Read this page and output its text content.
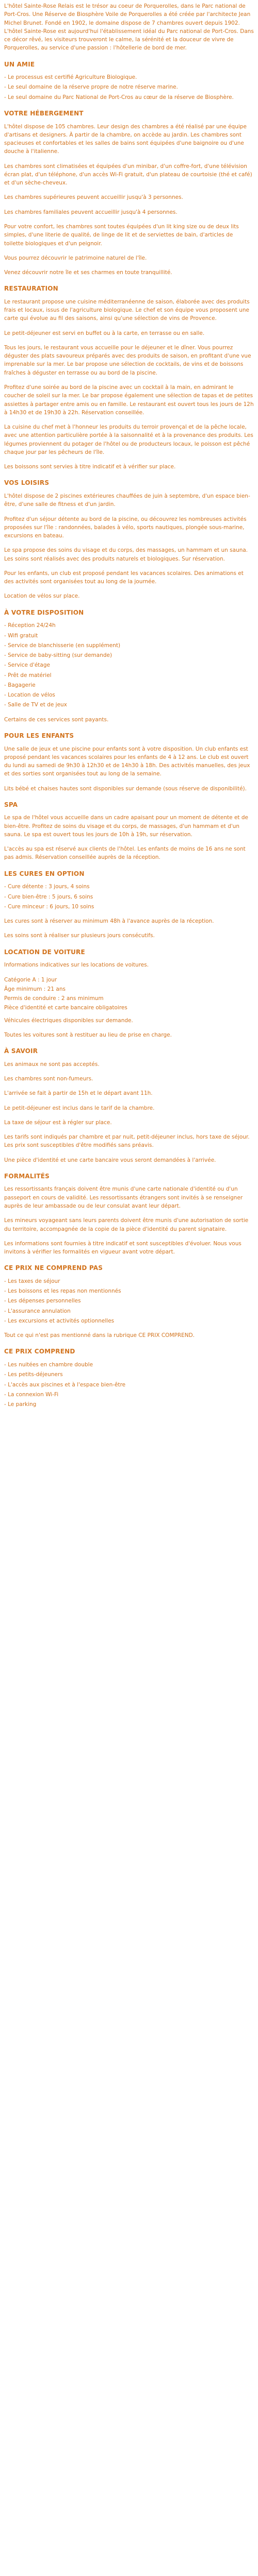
L'hôtel Sainte-Rose Relais est le trésor au coeur de Porquerolles, dans le Parc national de Port-Cros. Une Réserve de Biosphère Voile de Porquerolles a été créée par l'architecte Jean Michel Brunet. Fondé en 1902, le domaine dispose de 7 chambres ouvert depuis 1902. L'hôtel Sainte-Rose est aujourd'hui l'établissement idéal du Parc national de Port-Cros. Dans ce décor rêvé, les visiteurs trouveront le calme, la sérénité et la douceur de vivre de Porquerolles, au service d'une passion : l'hôtellerie de bord de mer.

UN AMIE
- Le processus est certifié Agriculture Biologique.
- Le seul domaine de la réserve propre de notre réserve marine.
- Le seul domaine du Parc National de Port-Cros au cœur de la réserve de Biosphère.
VOTRE HÉBERGEMENT

L'hôtel dispose de 105 chambres. Leur design des chambres a été réalisé par une équipe d'artisans et designers. À partir de la chambre, on accède au jardin. Les chambres sont spacieuses et confortables et les salles de bains sont équipées d'une baignoire ou d'une douche à l'italienne.

Les chambres sont climatisées et équipées d'un minibar, d'un coffre-fort, d'une télévision écran plat, d'un téléphone, d'un accès Wi-Fi gratuit, d'un plateau de courtoisie (thé et café) et d'un sèche-cheveux.

Les chambres supérieures peuvent accueillir jusqu'à 3 personnes.

Les chambres familiales peuvent accueillir jusqu'à 4 personnes.

Pour votre confort, les chambres sont toutes équipées d'un lit king size ou de deux lits simples, d'une literie de qualité, de linge de lit et de serviettes de bain, d'articles de toilette biologiques et d'un peignoir.

Vous pourrez découvrir le patrimoine naturel de l'île.

Venez découvrir notre île et ses charmes en toute tranquillité.

RESTAURATION

Le restaurant propose une cuisine méditerranéenne de saison, élaborée avec des produits frais et locaux, issus de l'agriculture biologique. Le chef et son équipe vous proposent une carte qui évolue au fil des saisons, ainsi qu'une sélection de vins de Provence.

Le petit-déjeuner est servi en buffet ou à la carte, en terrasse ou en salle.

Tous les jours, le restaurant vous accueille pour le déjeuner et le dîner. Vous pourrez déguster des plats savoureux préparés avec des produits de saison, en profitant d'une vue imprenable sur la mer. Le bar propose une sélection de cocktails, de vins et de boissons fraîches à déguster en terrasse ou au bord de la piscine.

Profitez d'une soirée au bord de la piscine avec un cocktail à la main, en admirant le coucher de soleil sur la mer. Le bar propose également une sélection de tapas et de petites assiettes à partager entre amis ou en famille. Le restaurant est ouvert tous les jours de 12h à 14h30 et de 19h30 à 22h. Réservation conseillée.

La cuisine du chef met à l'honneur les produits du terroir provençal et de la pêche locale, avec une attention particulière portée à la saisonnalité et à la provenance des produits. Les légumes proviennent du potager de l'hôtel ou de producteurs locaux, le poisson est pêché chaque jour par les pêcheurs de l'île.

Les boissons sont servies à titre indicatif et à vérifier sur place.

VOS LOISIRS

L'hôtel dispose de 2 piscines extérieures chauffées de juin à septembre, d'un espace bien-être, d'une salle de fitness et d'un jardin.

Profitez d'un séjour détente au bord de la piscine, ou découvrez les nombreuses activités proposées sur l'île : randonnées, balades à vélo, sports nautiques, plongée sous-marine, excursions en bateau.

Le spa propose des soins du visage et du corps, des massages, un hammam et un sauna. Les soins sont réalisés avec des produits naturels et biologiques. Sur réservation.

Pour les enfants, un club est proposé pendant les vacances scolaires. Des animations et des activités sont organisées tout au long de la journée.

Location de vélos sur place.

À VOTRE DISPOSITION
- Réception 24/24h
- Wifi gratuit
- Service de blanchisserie (en supplément)
- Service de baby-sitting (sur demande)
- Service d'étage
- Prêt de matériel
- Bagagerie
- Location de vélos
- Salle de TV et de jeux

Certains de ces services sont payants.

POUR LES ENFANTS

Une salle de jeux et une piscine pour enfants sont à votre disposition. Un club enfants est proposé pendant les vacances scolaires pour les enfants de 4 à 12 ans. Le club est ouvert du lundi au samedi de 9h30 à 12h30 et de 14h30 à 18h. Des activités manuelles, des jeux et des sorties sont organisées tout au long de la semaine.

Lits bébé et chaises hautes sont disponibles sur demande (sous réserve de disponibilité).

SPA

Le spa de l'hôtel vous accueille dans un cadre apaisant pour un moment de détente et de bien-être. Profitez de soins du visage et du corps, de massages, d'un hammam et d'un sauna. Le spa est ouvert tous les jours de 10h à 19h, sur réservation.

L'accès au spa est réservé aux clients de l'hôtel. Les enfants de moins de 16 ans ne sont pas admis. Réservation conseillée auprès de la réception.

LES CURES EN OPTION
- Cure détente : 3 jours, 4 soins
- Cure bien-être : 5 jours, 6 soins
- Cure minceur : 6 jours, 10 soins

Les cures sont à réserver au minimum 48h à l'avance auprès de la réception.

Les soins sont à réaliser sur plusieurs jours consécutifs.

LOCATION DE VOITURE

Informations indicatives sur les locations de voitures.

Catégorie A : 1 jour
Âge minimum : 21 ans
Permis de conduire : 2 ans minimum
Pièce d'identité et carte bancaire obligatoires

Véhicules électriques disponibles sur demande.

Toutes les voitures sont à restituer au lieu de prise en charge.

À SAVOIR

Les animaux ne sont pas acceptés.

Les chambres sont non-fumeurs.

L'arrivée se fait à partir de 15h et le départ avant 11h.

Le petit-déjeuner est inclus dans le tarif de la chambre.

La taxe de séjour est à régler sur place.

Les tarifs sont indiqués par chambre et par nuit, petit-déjeuner inclus, hors taxe de séjour. Les prix sont susceptibles d'être modifiés sans préavis.

Une pièce d'identité et une carte bancaire vous seront demandées à l'arrivée.

FORMALITÉS

Les ressortissants français doivent être munis d'une carte nationale d'identité ou d'un passeport en cours de validité. Les ressortissants étrangers sont invités à se renseigner auprès de leur ambassade ou de leur consulat avant leur départ.

Les mineurs voyageant sans leurs parents doivent être munis d'une autorisation de sortie du territoire, accompagnée de la copie de la pièce d'identité du parent signataire.

Les informations sont fournies à titre indicatif et sont susceptibles d'évoluer. Nous vous invitons à vérifier les formalités en vigueur avant votre départ.

CE PRIX NE COMPREND PAS
- Les taxes de séjour
- Les boissons et les repas non mentionnés
- Les dépenses personnelles
- L'assurance annulation
- Les excursions et activités optionnelles

Tout ce qui n'est pas mentionné dans la rubrique CE PRIX COMPREND.

CE PRIX COMPREND
- Les nuitées en chambre double
- Les petits-déjeuners
- L'accès aux piscines et à l'espace bien-être
- La connexion Wi-Fi
- Le parking
